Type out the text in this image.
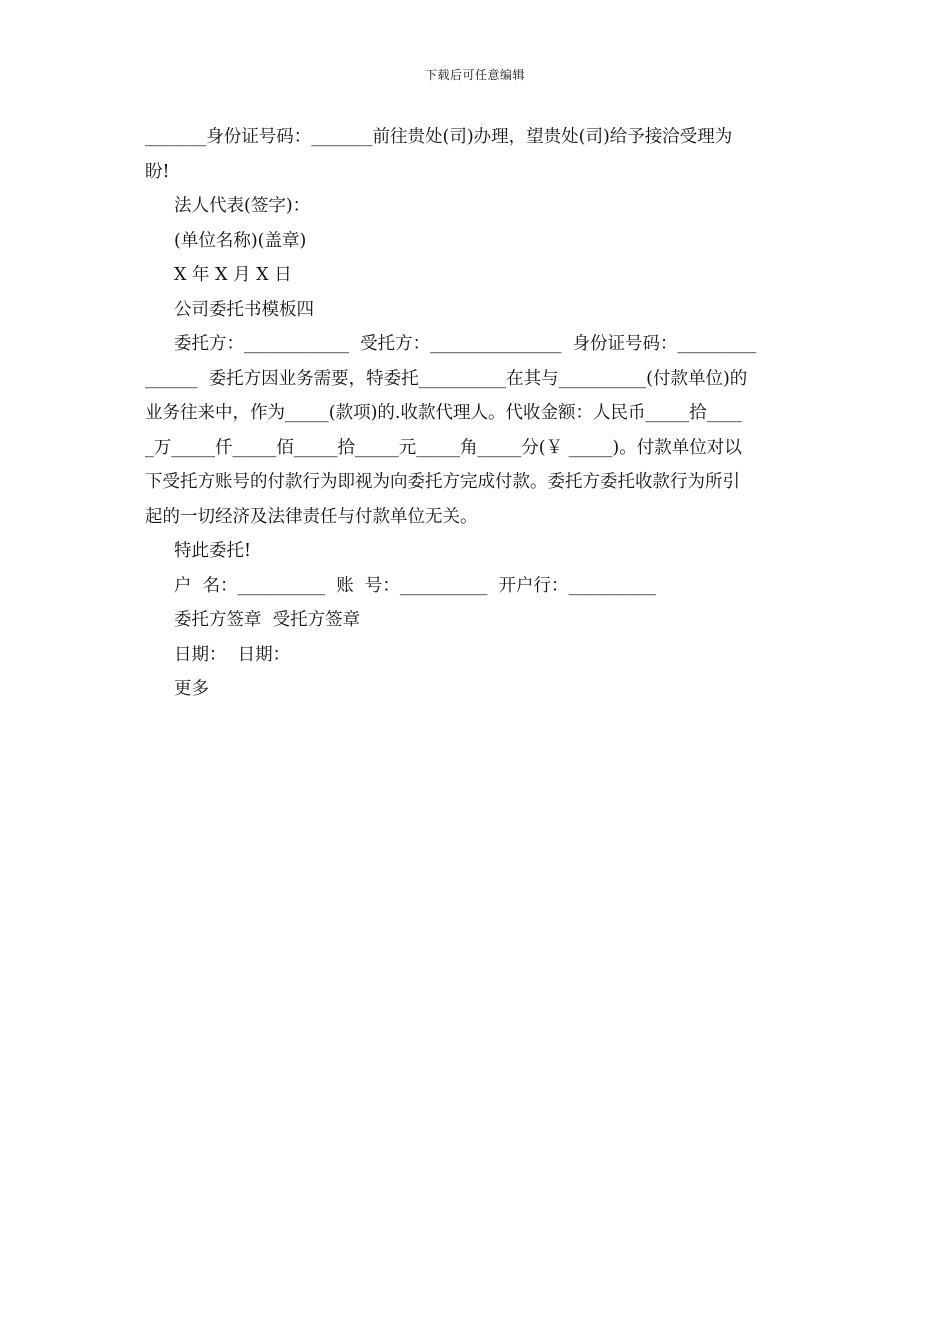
下载后可任意编辑
_______身份证号码：_______前往贵处(司)办理，望贵处(司)给予接洽受理为
盼!
法人代表(签字)：
(单位名称)(盖章)
X 年 X 月 X 日
公司委托书模板四
委托方：____________  受托方：_______________  身份证号码：_________
______  委托方因业务需要，特委托__________在其与__________(付款单位)的
业务往来中，作为_____(款项)的.收款代理人。代收金额：人民币_____拾____
_万_____仟_____佰_____拾_____元_____角_____分(￥ _____)。付款单位对以
下受托方账号的付款行为即视为向委托方完成付款。委托方委托收款行为所引
起的一切经济及法律责任与付款单位无关。
特此委托!
户  名：__________  账  号：__________  开户行：__________
委托方签章  受托方签章
日期：  日期：
更多
